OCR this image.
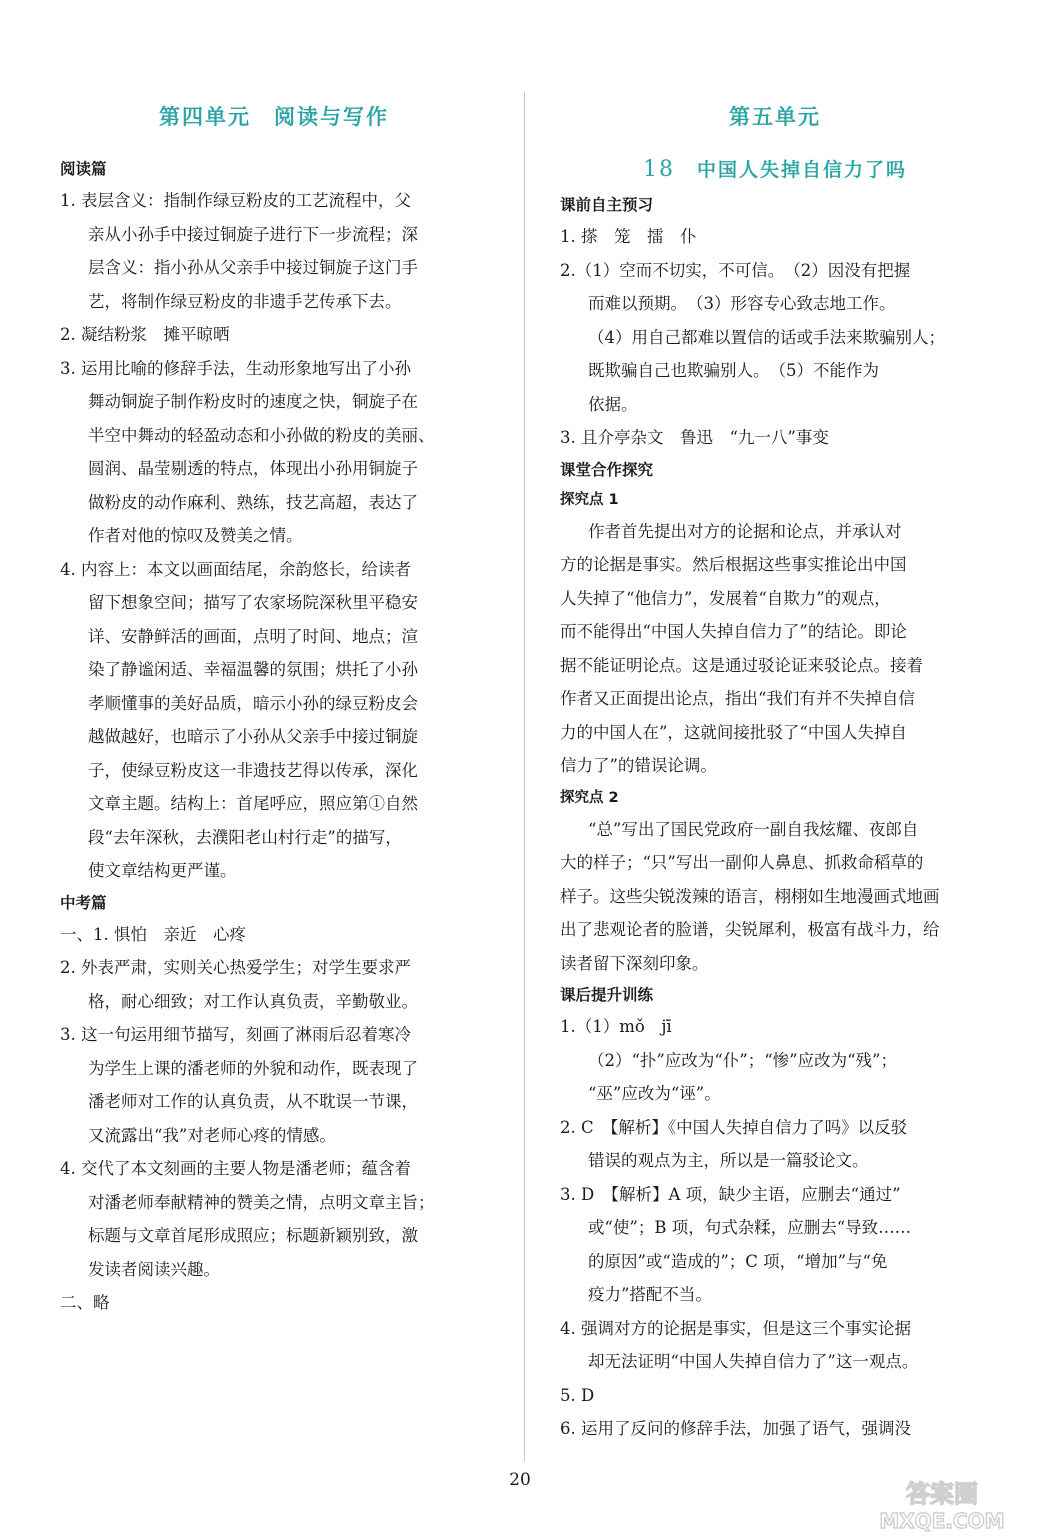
第四单元　阅读与写作
阅读篇
1. 表层含义：指制作绿豆粉皮的工艺流程中，父
亲从小孙手中接过铜旋子进行下一步流程；深
层含义：指小孙从父亲手中接过铜旋子这门手
艺，将制作绿豆粉皮的非遗手艺传承下去。
2. 凝结粉浆　摊平晾晒
3. 运用比喻的修辞手法，生动形象地写出了小孙
舞动铜旋子制作粉皮时的速度之快，铜旋子在
半空中舞动的轻盈动态和小孙做的粉皮的美丽、
圆润、晶莹剔透的特点，体现出小孙用铜旋子
做粉皮的动作麻利、熟练，技艺高超，表达了
作者对他的惊叹及赞美之情。
4. 内容上：本文以画面结尾，余韵悠长，给读者
留下想象空间；描写了农家场院深秋里平稳安
详、安静鲜活的画面，点明了时间、地点；渲
染了静谧闲适、幸福温馨的氛围；烘托了小孙
孝顺懂事的美好品质，暗示小孙的绿豆粉皮会
越做越好，也暗示了小孙从父亲手中接过铜旋
子，使绿豆粉皮这一非遗技艺得以传承，深化
文章主题。结构上：首尾呼应，照应第①自然
段“去年深秋，去濮阳老山村行走”的描写，
使文章结构更严谨。
中考篇
一、1. 惧怕　亲近　心疼
2. 外表严肃，实则关心热爱学生；对学生要求严
格，耐心细致；对工作认真负责，辛勤敬业。
3. 这一句运用细节描写，刻画了淋雨后忍着寒冷
为学生上课的潘老师的外貌和动作，既表现了
潘老师对工作的认真负责，从不耽误一节课，
又流露出“我”对老师心疼的情感。
4. 交代了本文刻画的主要人物是潘老师；蕴含着
对潘老师奉献精神的赞美之情，点明文章主旨；
标题与文章首尾形成照应；标题新颖别致，激
发读者阅读兴趣。
二、略
第五单元
18 中国人失掉自信力了吗
课前自主预习
1. 搽　笼　擂　仆
2.（1）空而不切实，不可信。　（2）因没有把握
而难以预期。　（3）形容专心致志地工作。
（4）用自己都难以置信的话或手法来欺骗别人；
既欺骗自己也欺骗别人。　（5）不能作为
依据。
3. 且介亭杂文　鲁迅　“九一八”事变
课堂合作探究
探究点 1
作者首先提出对方的论据和论点，并承认对
方的论据是事实。然后根据这些事实推论出中国
人失掉了“他信力”，发展着“自欺力”的观点，
而不能得出“中国人失掉自信力了”的结论。即论
据不能证明论点。这是通过驳论证来驳论点。接着
作者又正面提出论点，指出“我们有并不失掉自信
力的中国人在”，这就间接批驳了“中国人失掉自
信力了”的错误论调。
探究点 2
“总”写出了国民党政府一副自我炫耀、夜郎自
大的样子；“只”写出一副仰人鼻息、抓救命稻草的
样子。这些尖锐泼辣的语言，栩栩如生地漫画式地画
出了悲观论者的脸谱，尖锐犀利，极富有战斗力，给
读者留下深刻印象。
课后提升训练
1.（1）mǒ　jī
（2）“扑”应改为“仆”；“惨”应改为“残”；
“巫”应改为“诬”。
2. C　【解析】《中国人失掉自信力了吗》以反驳
错误的观点为主，所以是一篇驳论文。
3. D　【解析】A 项，缺少主语，应删去“通过”
或“使”；B 项，句式杂糅，应删去“导致……
的原因”或“造成的”；C 项，“增加”与“免
疫力”搭配不当。
4. 强调对方的论据是事实，但是这三个事实论据
却无法证明“中国人失掉自信力了”这一观点。
5. D
6. 运用了反问的修辞手法，加强了语气，强调没
20	答案圈
MXQE.COM
